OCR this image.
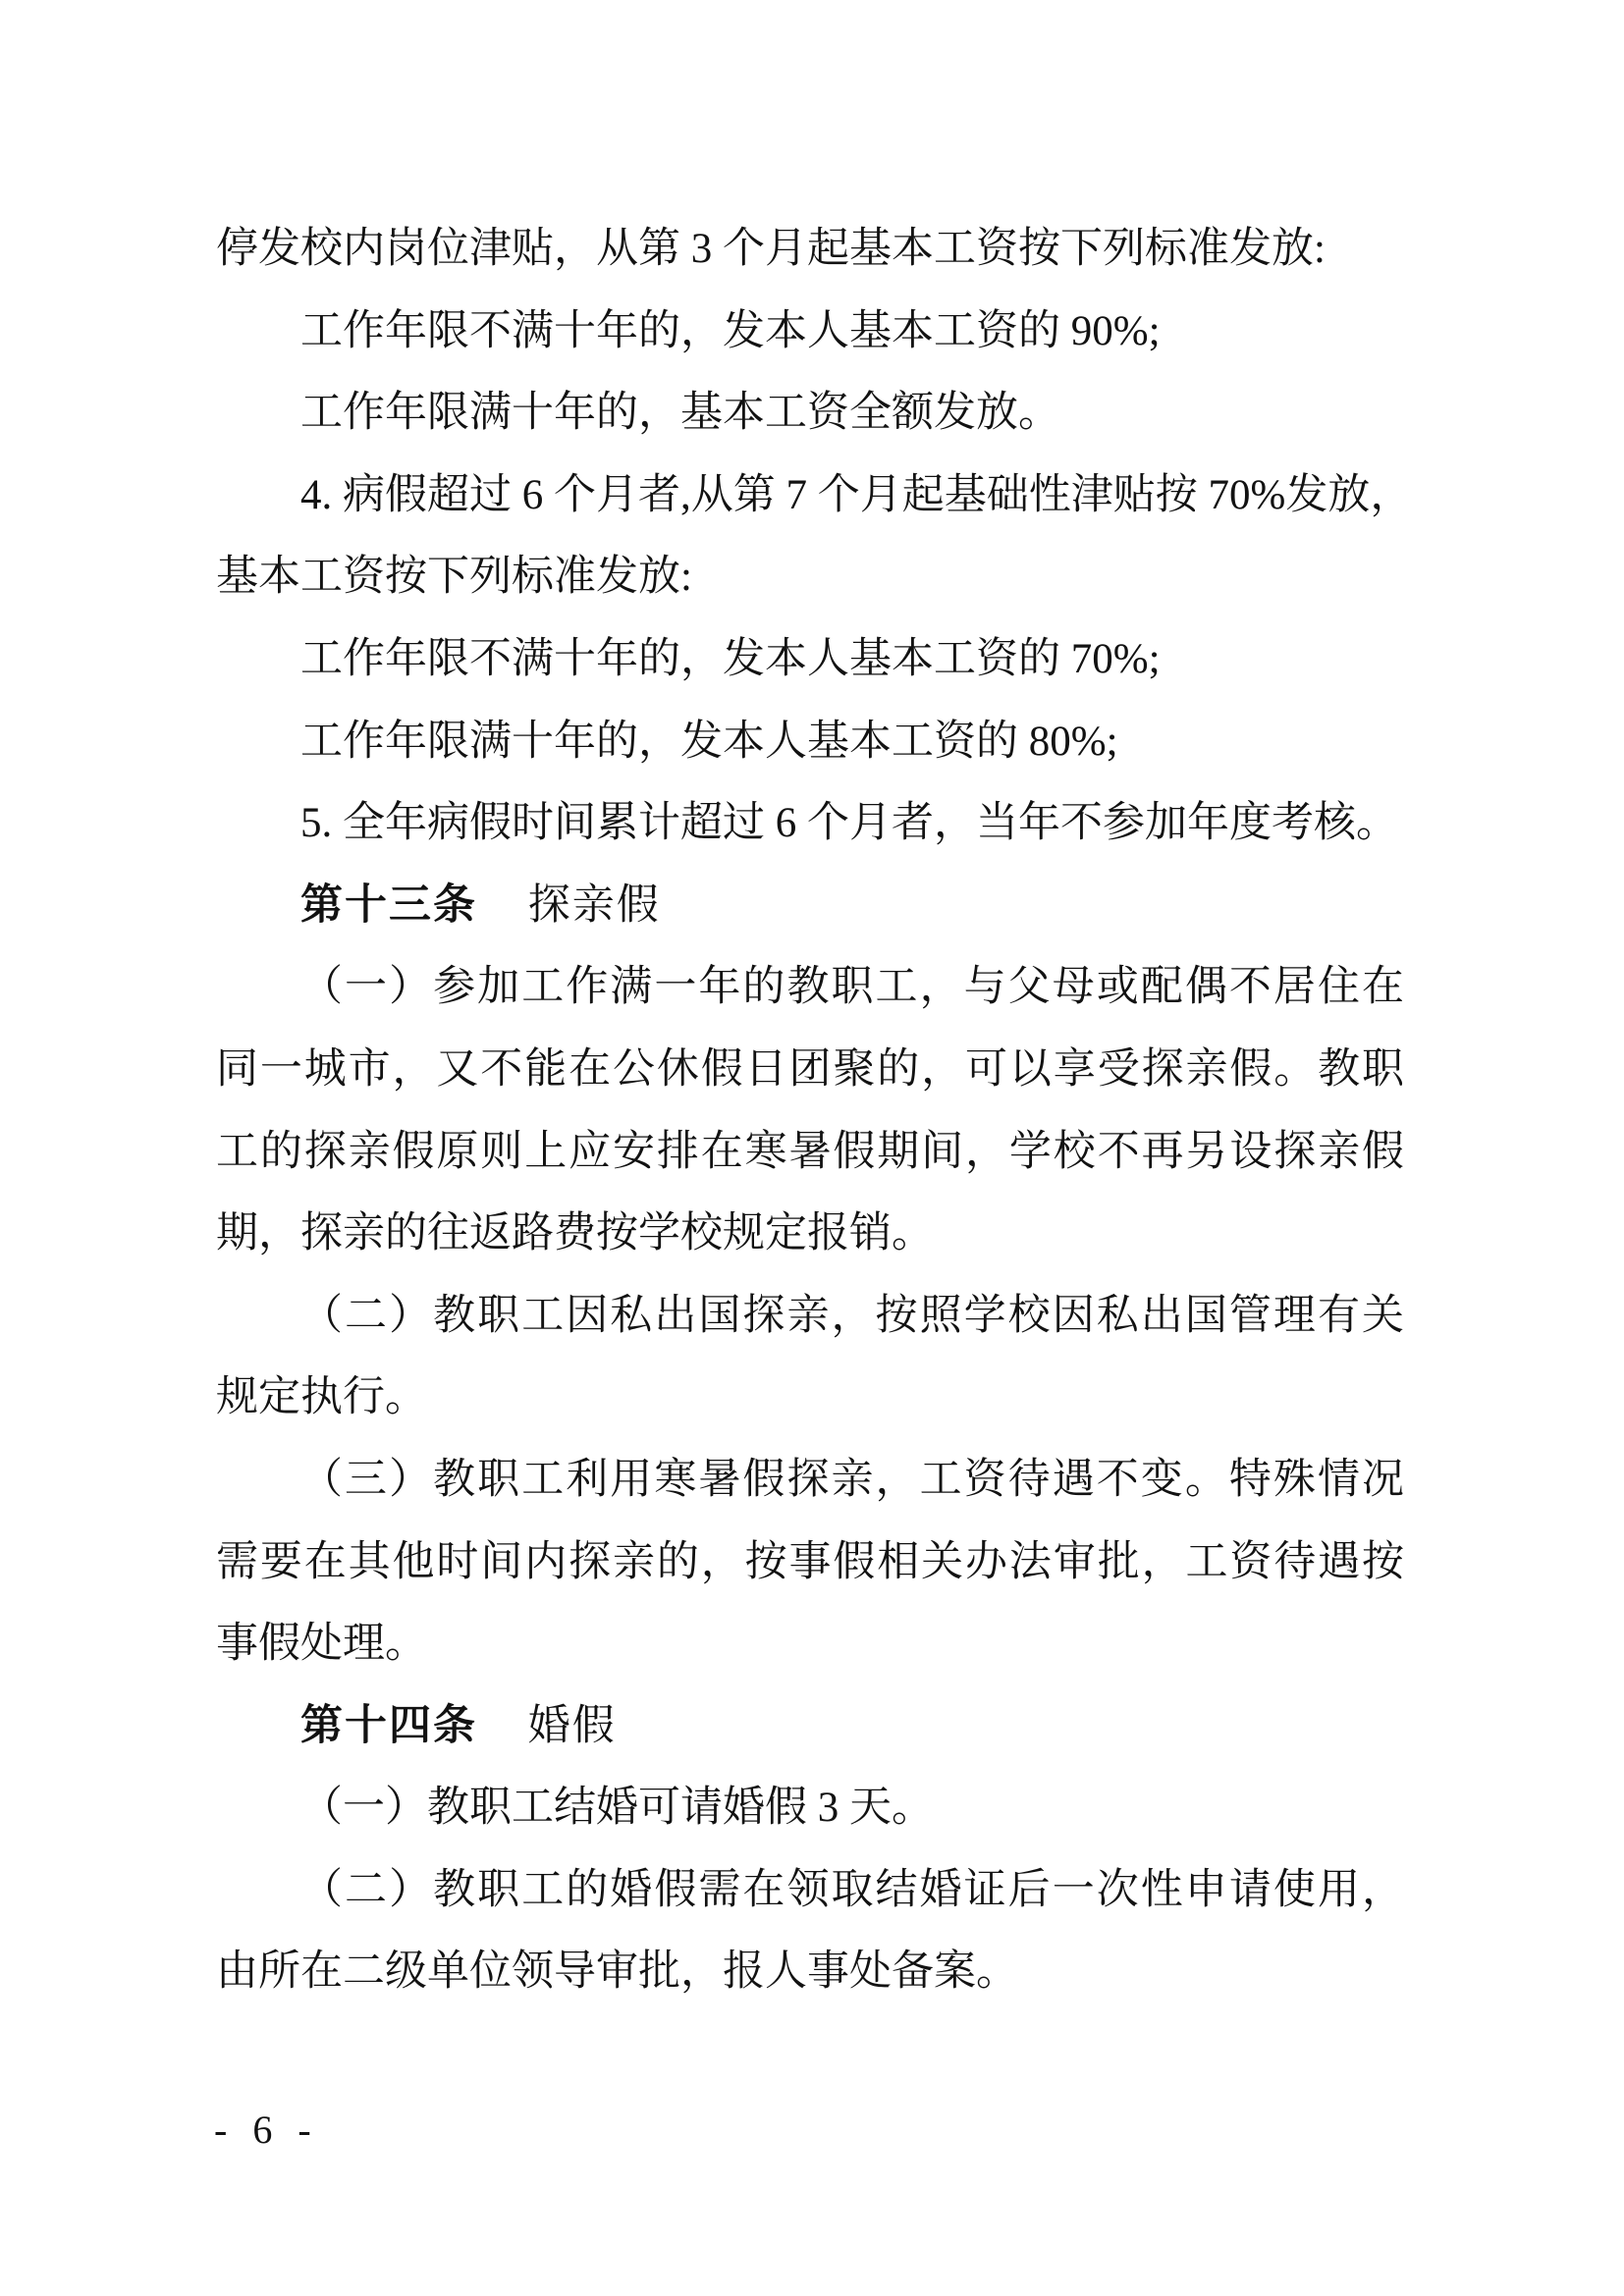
停发校内岗位津贴，从第 3 个月起基本工资按下列标准发放:
工作年限不满十年的，发本人基本工资的 90%;
工作年限满十年的，基本工资全额发放。
4. 病假超过 6 个月者,从第 7 个月起基础性津贴按 70%发放，
基本工资按下列标准发放:
工作年限不满十年的，发本人基本工资的 70%;
工作年限满十年的，发本人基本工资的 80%;
5. 全年病假时间累计超过 6 个月者，当年不参加年度考核。
第十三条 探亲假
（一）参加工作满一年的教职工，与父母或配偶不居住在
同一城市，又不能在公休假日团聚的，可以享受探亲假。教职
工的探亲假原则上应安排在寒暑假期间，学校不再另设探亲假
期，探亲的往返路费按学校规定报销。
（二）教职工因私出国探亲，按照学校因私出国管理有关
规定执行。
（三）教职工利用寒暑假探亲，工资待遇不变。特殊情况
需要在其他时间内探亲的，按事假相关办法审批，工资待遇按
事假处理。
第十四条 婚假
（一）教职工结婚可请婚假 3 天。
（二）教职工的婚假需在领取结婚证后一次性申请使用，
由所在二级单位领导审批，报人事处备案。
- 6 -
